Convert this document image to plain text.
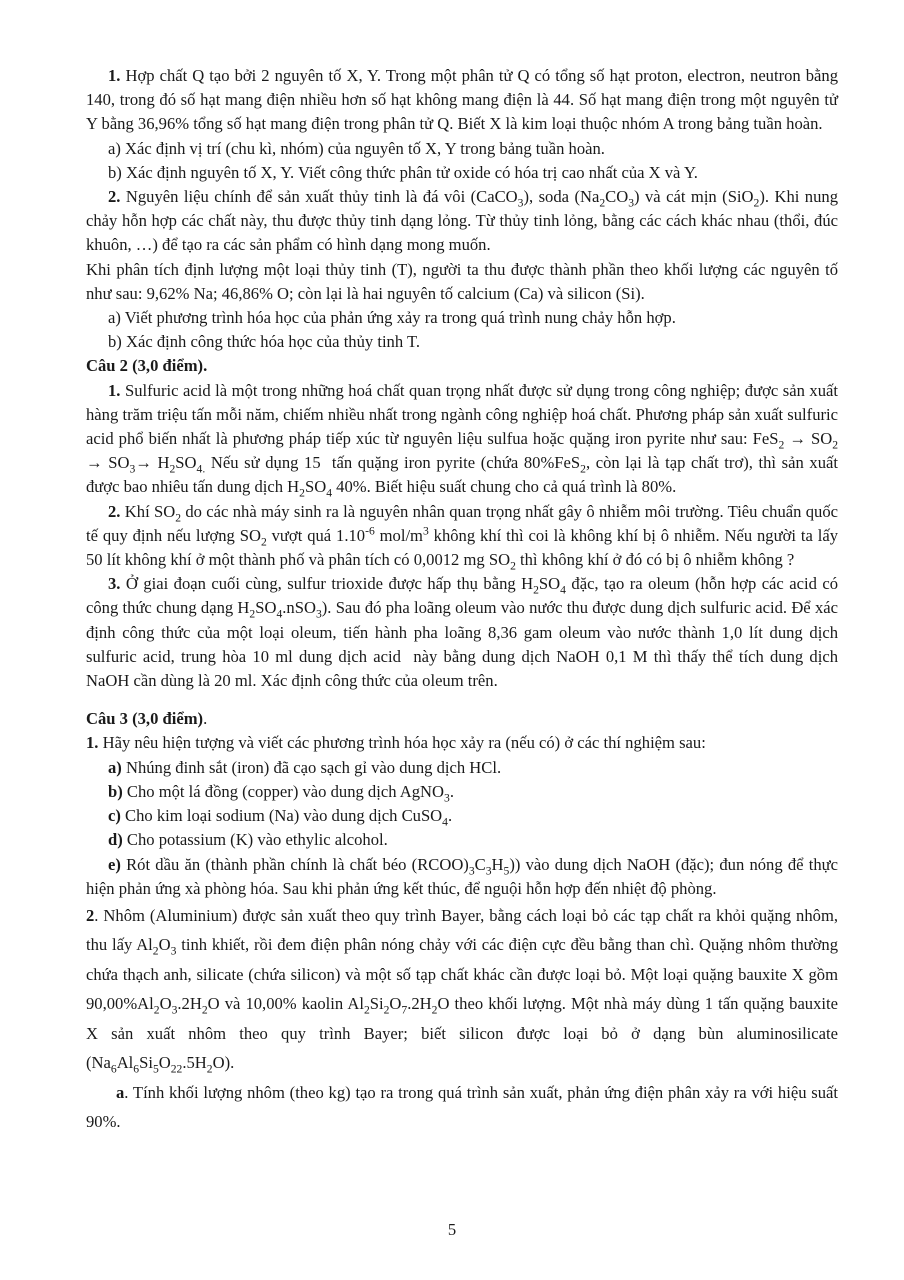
1. Hợp chất Q tạo bởi 2 nguyên tố X, Y. Trong một phân tử Q có tổng số hạt proton, electron, neutron bằng 140, trong đó số hạt mang điện nhiều hơn số hạt không mang điện là 44. Số hạt mang điện trong một nguyên tử Y bằng 36,96% tổng số hạt mang điện trong phân tử Q. Biết X là kim loại thuộc nhóm A trong bảng tuần hoàn.

a) Xác định vị trí (chu kì, nhóm) của nguyên tố X, Y trong bảng tuần hoàn.

b) Xác định nguyên tố X, Y. Viết công thức phân tử oxide có hóa trị cao nhất của X và Y.

2. Nguyên liệu chính để sản xuất thủy tinh là đá vôi (CaCO$_3$), soda $(Na_2CO_3)$ và cát mịn (SiO$_2$). Khi nung chảy hỗn hợp các chất này, thu được thủy tinh dạng lỏng. Từ thủy tinh lỏng, bằng các cách khác nhau (thổi, đúc khuôn, …) để tạo ra các sản phẩm có hình dạng mong muốn.

Khi phân tích định lượng một loại thủy tinh (T), người ta thu được thành phần theo khối lượng các nguyên tố như sau: 9,62% Na; 46,86% O; còn lại là hai nguyên tố calcium (Ca) và silicon (Si).

a) Viết phương trình hóa học của phản ứng xảy ra trong quá trình nung chảy hỗn hợp.

b) Xác định công thức hóa học của thủy tinh T.

Câu 2 (3,0 điểm).

1. Sulfuric acid là một trong những hoá chất quan trọng nhất được sử dụng trong công nghiệp; được sản xuất hàng trăm triệu tấn mỗi năm, chiếm nhiều nhất trong ngành công nghiệp hoá chất. Phương pháp sản xuất sulfuric acid phổ biến nhất là phương pháp tiếp xúc từ nguyên liệu sulfua hoặc quặng iron pyrite như sau: $FeS_2 \to SO_2 \to SO_3\to H_2SO_{4.}$ Nếu sử dụng 15  tấn quặng iron pyrite (chứa 80%FeS$_2$, còn lại là tạp chất trơ), thì sản xuất được bao nhiêu tấn dung dịch $H_2SO_4$ 40%. Biết hiệu suất chung cho cả quá trình là 80%.

2. Khí $SO_2$ do các nhà máy sinh ra là nguyên nhân quan trọng nhất gây ô nhiễm môi trường. Tiêu chuẩn quốc tế quy định nếu lượng $SO_2$ vượt quá $1.10^{-6}$ mol/$m^3$ không khí thì coi là không khí bị ô nhiễm. Nếu người ta lấy 50 lít không khí ở một thành phố và phân tích có 0,0012 mg $SO_2$ thì không khí ở đó có bị ô nhiễm không ?

3. Ở giai đoạn cuối cùng, sulfur trioxide được hấp thụ bằng $H_2SO_4$ đặc, tạo ra oleum (hỗn hợp các acid có công thức chung dạng $H_2SO_4.nSO_3$). Sau đó pha loãng oleum vào nước thu được dung dịch sulfuric acid. Để xác định công thức của một loại oleum, tiến hành pha loãng 8,36 gam oleum vào nước thành 1,0 lít dung dịch sulfuric acid, trung hòa 10 ml dung dịch acid  này bằng dung dịch NaOH 0,1 M thì thấy thể tích dung dịch NaOH cần dùng là 20 ml. Xác định công thức của oleum trên.

Câu 3 (3,0 điểm).

1. Hãy nêu hiện tượng và viết các phương trình hóa học xảy ra (nếu có) ở các thí nghiệm sau:

a) Nhúng đinh sắt (iron) đã cạo sạch gỉ vào dung dịch HCl.

b) Cho một lá đồng (copper) vào dung dịch AgNO$_3$.

c) Cho kim loại sodium (Na) vào dung dịch CuSO$_4$.

d) Cho potassium (K) vào ethylic alcohol.

e) Rót dầu ăn (thành phần chính là chất béo $(RCOO)_3C_3H_5$)) vào dung dịch NaOH (đặc); đun nóng để thực hiện phản ứng xà phòng hóa. Sau khi phản ứng kết thúc, để nguội hỗn hợp đến nhiệt độ phòng.

2. Nhôm (Aluminium) được sản xuất theo quy trình Bayer, bằng cách loại bỏ các tạp chất ra khỏi quặng nhôm, thu lấy $Al_2O_3$ tinh khiết, rồi đem điện phân nóng chảy với các điện cực đều bằng than chì. Quặng nhôm thường chứa thạch anh, silicate (chứa silicon) và một số tạp chất khác cần được loại bỏ. Một loại quặng bauxite X gồm $90,00\%Al_2O_3.2H_2O$ và 10,00% kaolin $Al_2Si_2O_7.2H_2O$ theo khối lượng. Một nhà máy dùng 1 tấn quặng bauxite X sản xuất nhôm theo quy trình Bayer; biết silicon được loại bỏ ở dạng bùn aluminosilicate $(Na_6Al_6Si_5O_{22}.5H_2O)$.

a. Tính khối lượng nhôm (theo kg) tạo ra trong quá trình sản xuất, phản ứng điện phân xảy ra với hiệu suất 90%.

5
